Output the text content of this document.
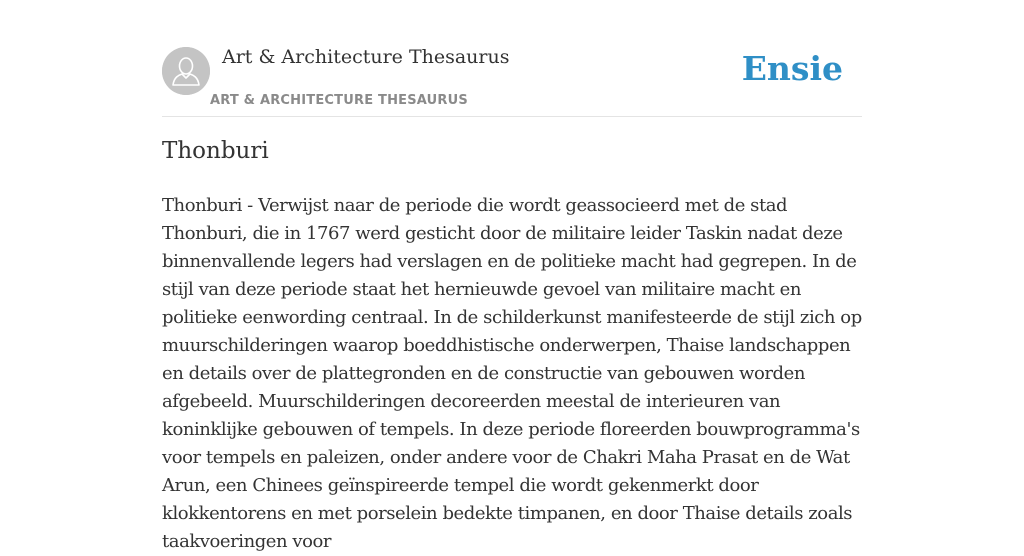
Art & Architecture Thesaurus
ART & ARCHITECTURE THESAURUS
Ensie
Thonburi

Thonburi - Verwijst naar de periode die wordt geassocieerd met de stad Thonburi, die in 1767 werd gesticht door de militaire leider Taskin nadat deze binnenvallende legers had verslagen en de politieke macht had gegrepen. In de stijl van deze periode staat het hernieuwde gevoel van militaire macht en politieke eenwording centraal. In de schilderkunst manifesteerde de stijl zich op muurschilderingen waarop boeddhistische onderwerpen, Thaise landschappen en details over de plattegronden en de constructie van gebouwen worden afgebeeld. Muurschilderingen decoreerden meestal de interieuren van koninklijke gebouwen of tempels. In deze periode floreerden bouwprogramma's voor tempels en paleizen, onder andere voor de Chakri Maha Prasat en de Wat Arun, een Chinees geïnspireerde tempel die wordt gekenmerkt door klokkentorens en met porselein bedekte timpanen, en door Thaise details zoals taakvoeringen voor
